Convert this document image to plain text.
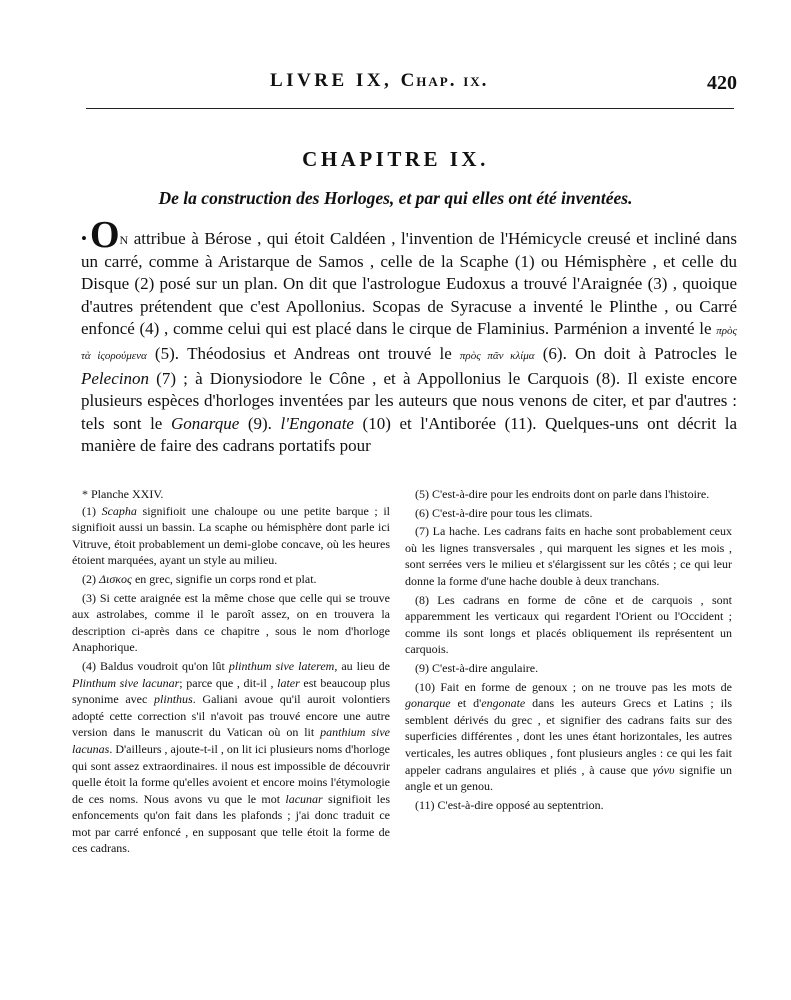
LIVRE IX, Chap. ix.	420
CHAPITRE IX.
De la construction des Horloges, et par qui elles ont été inventées.
•On attribue à Bérose , qui étoit Caldéen , l'invention de l'Hémicycle creusé et incliné dans un carré, comme à Aristarque de Samos , celle de la Scaphe (1) ou Hémisphère , et celle du Disque (2) posé sur un plan. On dit que l'astrologue Eudoxus a trouvé l'Araignée (3) , quoique d'autres prétendent que c'est Apollonius. Scopas de Syracuse a inventé le Plinthe , ou Carré enfoncé (4) , comme celui qui est placé dans le cirque de Flaminius. Parménion a inventé le πρὸς τὰ ἱςορούμενα (5). Théodosius et Andreas ont trouvé le πρὸς πᾶν κλίμα (6). On doit à Patrocles le Pelecinon (7) ; à Dionysiodore le Cône , et à Appollonius le Carquois (8). Il existe encore plusieurs espèces d'horloges inventées par les auteurs que nous venons de citer, et par d'autres : tels sont le Gonarque (9). l'Engonate (10) et l'Antiborée (11). Quelques-uns ont décrit la manière de faire des cadrans portatifs pour

* Planche XXIV.

(1) Scapha signifioit une chaloupe ou une petite barque ; il signifioit aussi un bassin. La scaphe ou hémisphère dont parle ici Vitruve, étoit probablement un demi-globe concave, où les heures étoient marquées, ayant un style au milieu.

(2) Δισκος en grec, signifie un corps rond et plat.

(3) Si cette araignée est la même chose que celle qui se trouve aux astrolabes, comme il le paroît assez, on en trouvera la description ci-après dans ce chapitre , sous le nom d'horloge Anaphorique.

(4) Baldus voudroit qu'on lût plinthum sive laterem, au lieu de Plinthum sive lacunar; parce que , dit-il , later est beaucoup plus synonime avec plinthus. Galiani avoue qu'il auroit volontiers adopté cette correction s'il n'avoit pas trouvé encore une autre version dans le manuscrit du Vatican où on lit panthium sive lacunas. D'ailleurs , ajoute-t-il , on lit ici plusieurs noms d'horloge qui sont assez extraordinaires. il nous est impossible de découvrir quelle étoit la forme qu'elles avoient et encore moins l'étymologie de ces noms. Nous avons vu que le mot lacunar signifioit les enfoncements qu'on fait dans les plafonds ; j'ai donc traduit ce mot par carré enfoncé , en supposant que telle étoit la forme de ces cadrans.

(5) C'est-à-dire pour les endroits dont on parle dans l'histoire.

(6) C'est-à-dire pour tous les climats.

(7) La hache. Les cadrans faits en hache sont probablement ceux où les lignes transversales , qui marquent les signes et les mois , sont serrées vers le milieu et s'élargissent sur les côtés ; ce qui leur donne la forme d'une hache double à deux tranchans.

(8) Les cadrans en forme de cône et de carquois , sont apparemment les verticaux qui regardent l'Orient ou l'Occident ; comme ils sont longs et placés obliquement ils représentent un carquois.

(9) C'est-à-dire angulaire.

(10) Fait en forme de genoux ; on ne trouve pas les mots de gonarque et d'engonate dans les auteurs Grecs et Latins ; ils semblent dérivés du grec , et signifier des cadrans faits sur des superficies différentes , dont les unes étant horizontales, les autres verticales, les autres obliques , font plusieurs angles : ce qui les fait appeler cadrans angulaires et pliés , à cause que γόνυ signifie un angle et un genou.

(11) C'est-à-dire opposé au septentrion.
